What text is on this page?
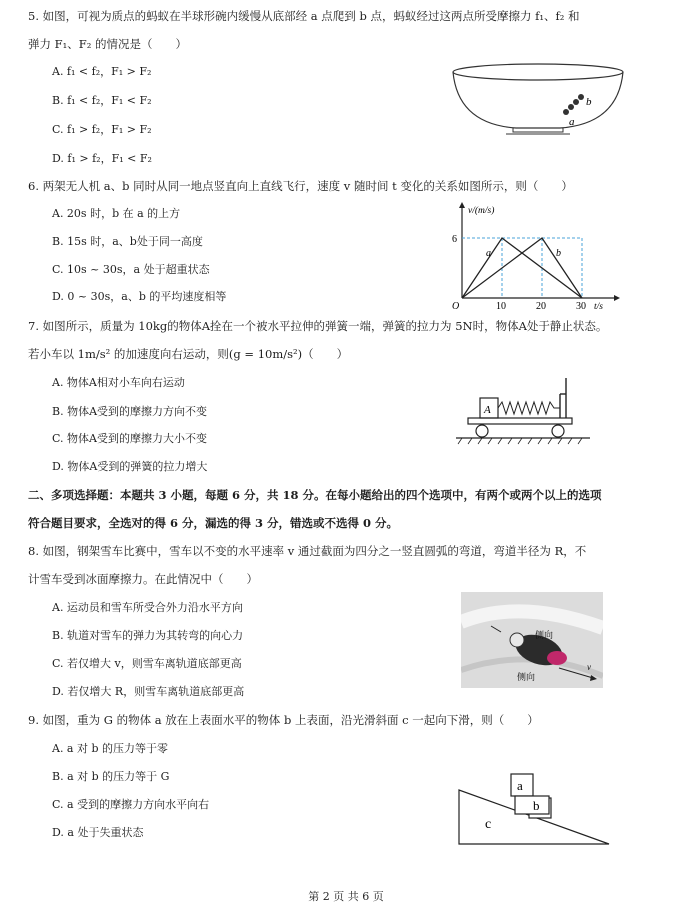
5. 如图，可视为质点的蚂蚁在半球形碗内缓慢从底部经 a 点爬到 b 点，蚂蚁经过这两点所受摩擦力 f₁、f₂ 和
弹力 F₁、F₂ 的情况是（　　）
A. f₁ < f₂，F₁ > F₂
B. f₁ < f₂，F₁ < F₂
C. f₁ > f₂，F₁ > F₂
D. f₁ > f₂，F₁ < F₂
b
a
6. 两架无人机 a、b 同时从同一地点竖直向上直线飞行，速度 v 随时间 t 变化的关系如图所示，则（　　）
A. 20s 时，b 在 a 的上方
B. 15s 时，a、b处于同一高度
C. 10s ~ 30s，a 处于超重状态
D. 0 ~ 30s，a、b 的平均速度相等
a	b
v/(m/s)
t/s
6
O	10	20	30
7. 如图所示，质量为 10kg的物体A拴在一个被水平拉伸的弹簧一端，弹簧的拉力为 5N时，物体A处于静止状态。
若小车以 1m/s² 的加速度向右运动，则(g = 10m/s²)（　　）
A. 物体A相对小车向右运动
B. 物体A受到的摩擦力方向不变
C. 物体A受到的摩擦力大小不变
D. 物体A受到的弹簧的拉力增大
A
二、多项选择题：本题共 3 小题，每题 6 分，共 18 分。在每小题给出的四个选项中，有两个或两个以上的选项
符合题目要求，全选对的得 6 分，漏选的得 3 分，错选或不选得 0 分。
8. 如图，钢架雪车比赛中，雪车以不变的水平速率 v 通过截面为四分之一竖直圆弧的弯道，弯道半径为 R，不
计雪车受到冰面摩擦力。在此情况中（　　）
A. 运动员和雪车所受合外力沿水平方向
B. 轨道对雪车的弹力为其转弯的向心力
C. 若仅增大 v，则雪车离轨道底部更高
D. 若仅增大 R，则雪车离轨道底部更高
侧向
侧向
v
9. 如图，重为 G 的物体 a 放在上表面水平的物体 b 上表面，沿光滑斜面 c 一起向下滑，则（　　）
A. a 对 b 的压力等于零
B. a 对 b 的压力等于 G
C. a 受到的摩擦力方向水平向右
D. a 处于失重状态
a
b
c
第 2 页 共 6 页
